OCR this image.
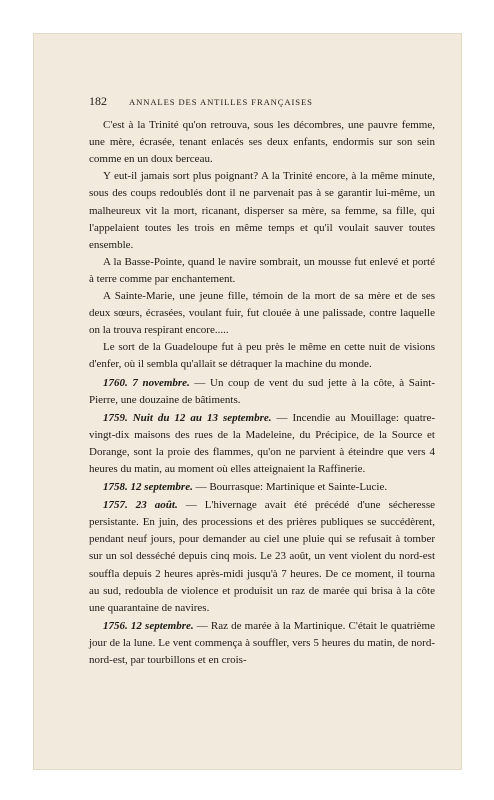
182	ANNALES DES ANTILLES FRANÇAISES

C'est à la Trinité qu'on retrouva, sous les décombres, une pauvre femme, une mère, écrasée, tenant enlacés ses deux enfants, endormis sur son sein comme en un doux berceau.

Y eut-il jamais sort plus poignant? A la Trinité encore, à la même minute, sous des coups redoublés dont il ne parvenait pas à se garantir lui-même, un malheureux vit la mort, ricanant, disperser sa mère, sa femme, sa fille, qui l'appelaient toutes les trois en même temps et qu'il voulait sauver toutes ensemble.

A la Basse-Pointe, quand le navire sombrait, un mousse fut enlevé et porté à terre comme par enchantement.

A Sainte-Marie, une jeune fille, témoin de la mort de sa mère et de ses deux sœurs, écrasées, voulant fuir, fut clouée à une palissade, contre laquelle on la trouva respirant encore.....

Le sort de la Guadeloupe fut à peu près le même en cette nuit de visions d'enfer, où il sembla qu'allait se détraquer la machine du monde.

1760. 7 novembre. — Un coup de vent du sud jette à la côte, à Saint-Pierre, une douzaine de bâtiments.

1759. Nuit du 12 au 13 septembre. — Incendie au Mouillage: quatre-vingt-dix maisons des rues de la Madeleine, du Précipice, de la Source et Dorange, sont la proie des flammes, qu'on ne parvient à éteindre que vers 4 heures du matin, au moment où elles atteignaient la Raffinerie.

1758. 12 septembre. — Bourrasque: Martinique et Sainte-Lucie.

1757. 23 août. — L'hivernage avait été précédé d'une sécheresse persistante. En juin, des processions et des prières publiques se succédèrent, pendant neuf jours, pour demander au ciel une pluie qui se refusait à tomber sur un sol desséché depuis cinq mois. Le 23 août, un vent violent du nord-est souffla depuis 2 heures après-midi jusqu'à 7 heures. De ce moment, il tourna au sud, redoubla de violence et produisit un raz de marée qui brisa à la côte une quarantaine de navires.

1756. 12 septembre. — Raz de marée à la Martinique. C'était le quatrième jour de la lune. Le vent commença à souffler, vers 5 heures du matin, de nord-nord-est, par tourbillons et en crois-
